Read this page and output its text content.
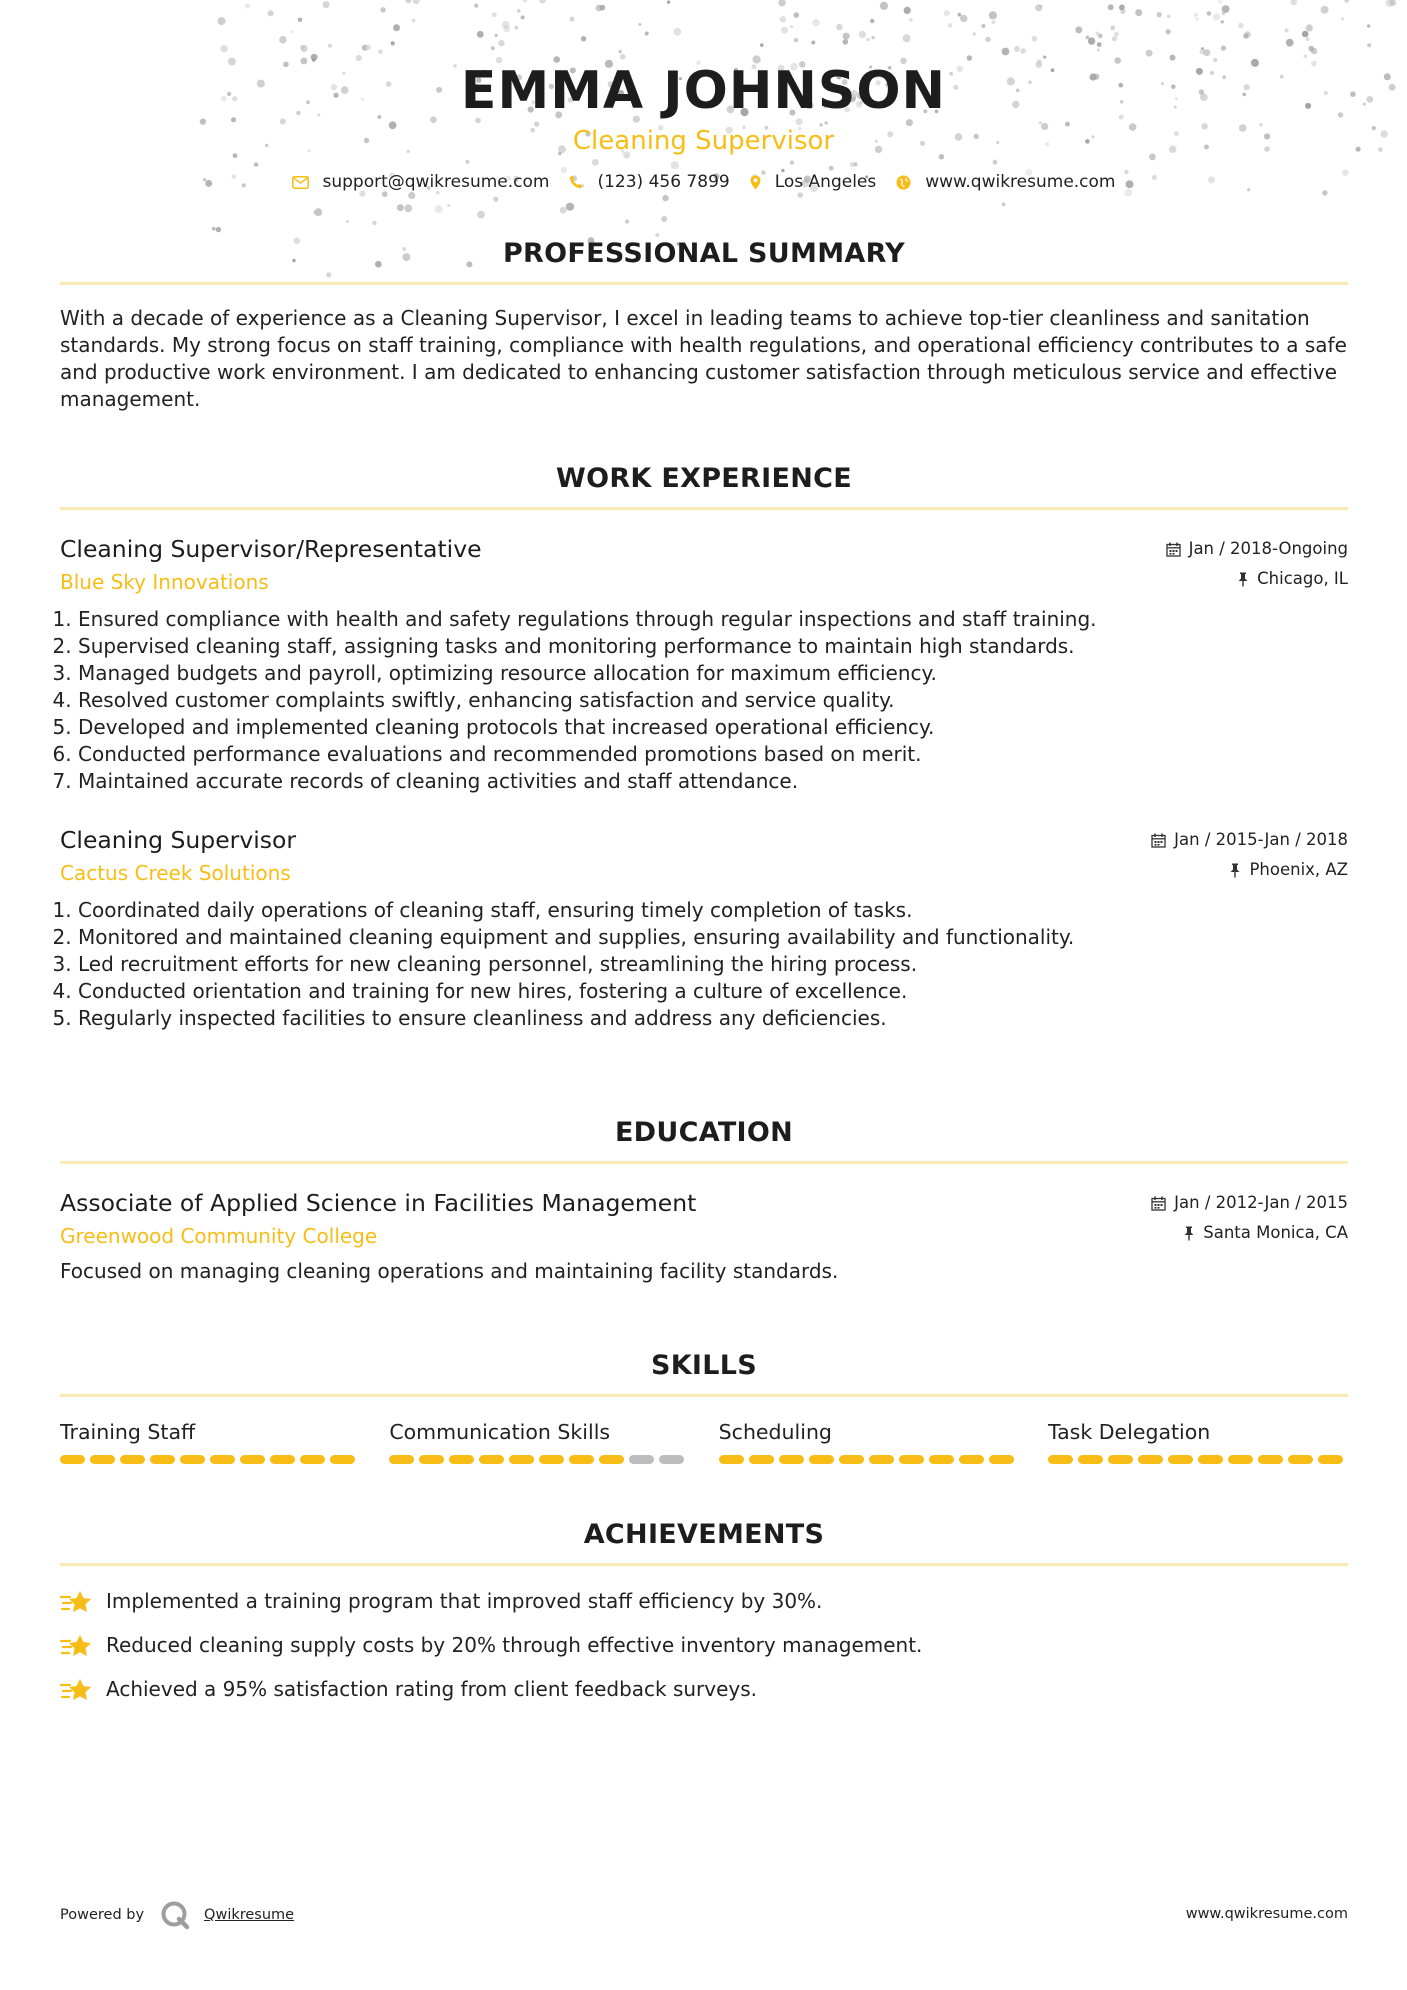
EMMA JOHNSON
Cleaning Supervisor
support@qwikresume.com	(123) 456 7899	Los Angeles	www.qwikresume.com
PROFESSIONAL SUMMARY
With a decade of experience as a Cleaning Supervisor, I excel in leading teams to achieve top-tier cleanliness and sanitation standards. My strong focus on staff training, compliance with health regulations, and operational efficiency contributes to a safe and productive work environment. I am dedicated to enhancing customer satisfaction through meticulous service and effective management.
WORK EXPERIENCE
Cleaning Supervisor/Representative
Blue Sky Innovations
Jan / 2018-Ongoing
Chicago, IL
1. Ensured compliance with health and safety regulations through regular inspections and staff training.
2. Supervised cleaning staff, assigning tasks and monitoring performance to maintain high standards.
3. Managed budgets and payroll, optimizing resource allocation for maximum efficiency.
4. Resolved customer complaints swiftly, enhancing satisfaction and service quality.
5. Developed and implemented cleaning protocols that increased operational efficiency.
6. Conducted performance evaluations and recommended promotions based on merit.
7. Maintained accurate records of cleaning activities and staff attendance.
Cleaning Supervisor
Cactus Creek Solutions
Jan / 2015-Jan / 2018
Phoenix, AZ
1. Coordinated daily operations of cleaning staff, ensuring timely completion of tasks.
2. Monitored and maintained cleaning equipment and supplies, ensuring availability and functionality.
3. Led recruitment efforts for new cleaning personnel, streamlining the hiring process.
4. Conducted orientation and training for new hires, fostering a culture of excellence.
5. Regularly inspected facilities to ensure cleanliness and address any deficiencies.
EDUCATION
Associate of Applied Science in Facilities Management
Greenwood Community College
Jan / 2012-Jan / 2015
Santa Monica, CA
Focused on managing cleaning operations and maintaining facility standards.
SKILLS
Training Staff	Communication Skills	Scheduling	Task Delegation
ACHIEVEMENTS
Implemented a training program that improved staff efficiency by 30%.
Reduced cleaning supply costs by 20% through effective inventory management.
Achieved a 95% satisfaction rating from client feedback surveys.
Powered by	Qwikresume	www.qwikresume.com
